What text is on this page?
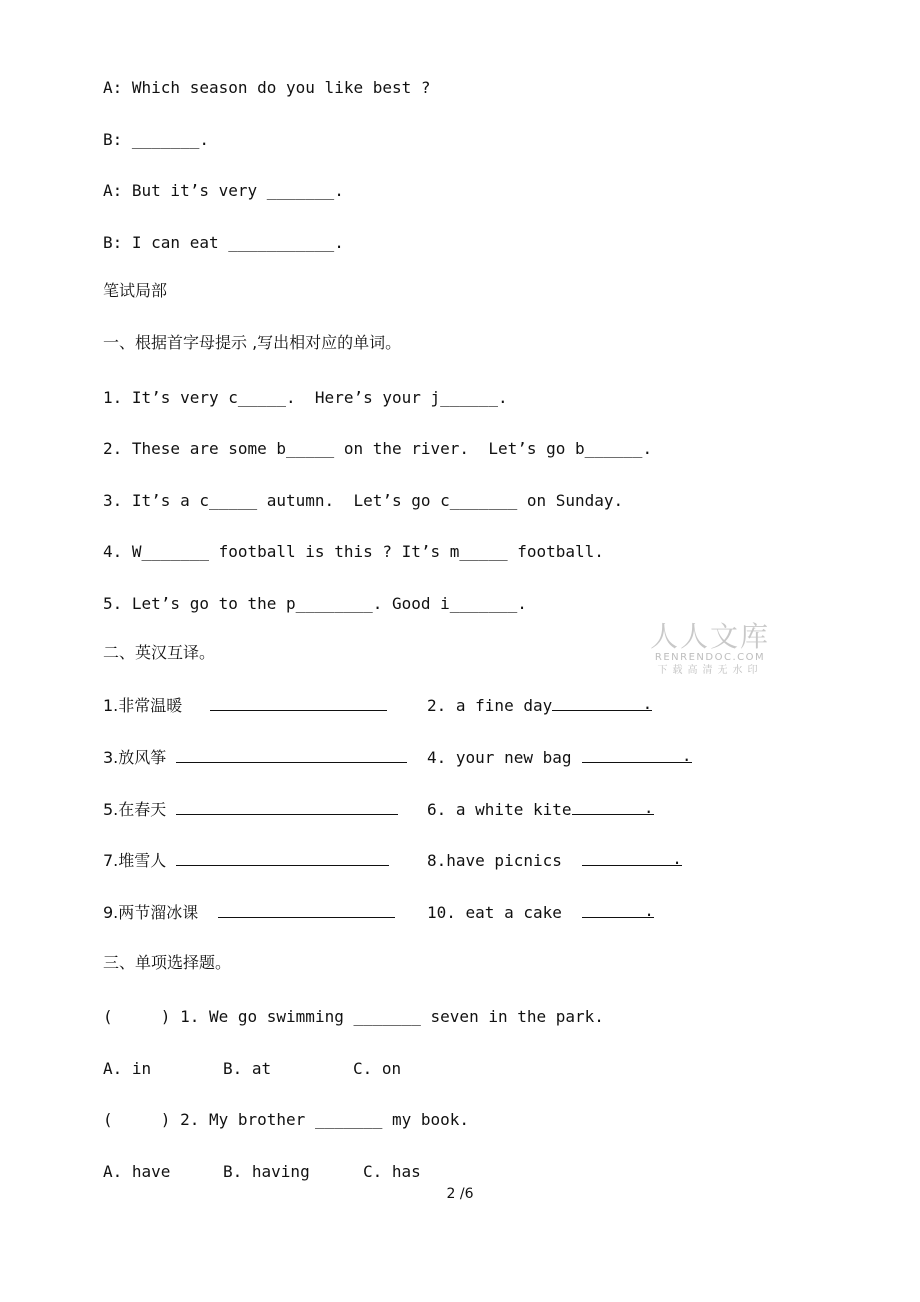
A: Which season do you like best ?
B: _______.
A: But it’s very _______.
B: I can eat ___________.
笔试局部
一、根据首字母提示 ,写出相对应的单词。
1. It’s very c_____.  Here’s your j______.
2. These are some b_____ on the river.  Let’s go b______.
3. It’s a c_____ autumn.  Let’s go c_______ on Sunday.
4. W_______ football is this ? It’s m_____ football.
5. Let’s go to the p________. Good i_______.
人人文库
RENRENDOC.COM
下载高清无水印
二、英汉互译。
1.非常温暖	2. a fine day	.
3.放风筝	4. your new bag	.
5.在春天	6. a white kite	.
7.堆雪人	8.have picnics	.
9.两节溜冰课	10. eat a cake	.
三、单项选择题。
(     ) 1. We go swimming _______ seven in the park.
A. in	B. at	C. on
(     ) 2. My brother _______ my book.
A. have	B. having	C. has
2 /6
